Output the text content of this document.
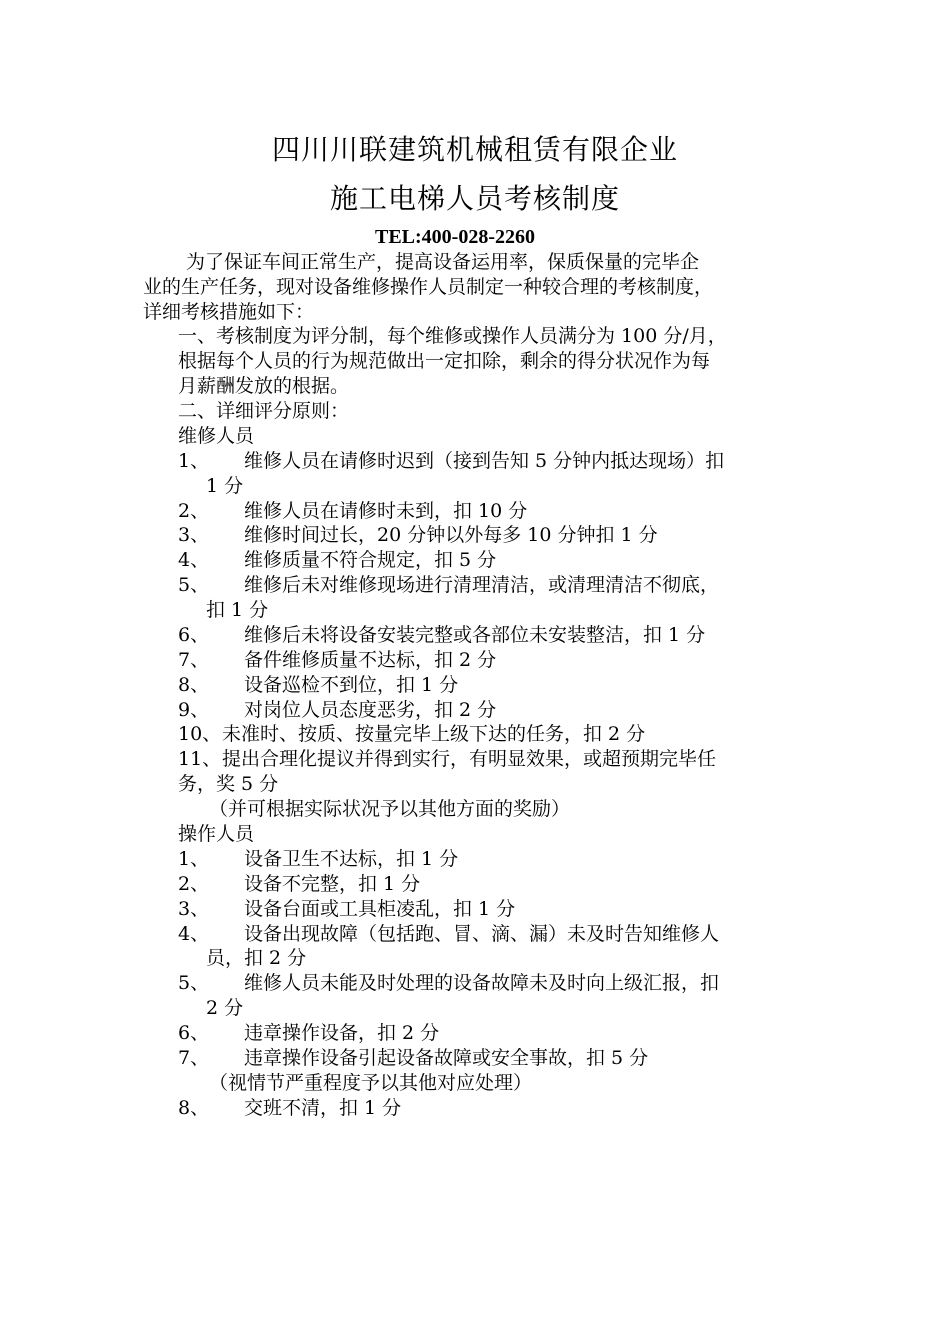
四川川联建筑机械租赁有限企业
施工电梯人员考核制度
TEL:400-028-2260
为了保证车间正常生产，提高设备运用率，保质保量的完毕企
业的生产任务，现对设备维修操作人员制定一种较合理的考核制度，
详细考核措施如下：
一、考核制度为评分制，每个维修或操作人员满分为 100 分/月，
根据每个人员的行为规范做出一定扣除，剩余的得分状况作为每
月薪酬发放的根据。
二、详细评分原则：
维修人员
1、 维修人员在请修时迟到（接到告知 5 分钟内抵达现场）扣
1 分
2、 维修人员在请修时未到，扣 10 分
3、 维修时间过长，20 分钟以外每多 10 分钟扣 1 分
4、 维修质量不符合规定，扣 5 分
5、 维修后未对维修现场进行清理清洁，或清理清洁不彻底，
扣 1 分
6、 维修后未将设备安装完整或各部位未安装整洁，扣 1 分
7、 备件维修质量不达标，扣 2 分
8、 设备巡检不到位，扣 1 分
9、 对岗位人员态度恶劣，扣 2 分
10、 未准时、按质、按量完毕上级下达的任务，扣 2 分
11、 提出合理化提议并得到实行，有明显效果，或超预期完毕任
务，奖 5 分
（并可根据实际状况予以其他方面的奖励）
操作人员
1、 设备卫生不达标，扣 1 分
2、 设备不完整，扣 1 分
3、 设备台面或工具柜凌乱，扣 1 分
4、 设备出现故障（包括跑、冒、滴、漏）未及时告知维修人
员，扣 2 分
5、 维修人员未能及时处理的设备故障未及时向上级汇报，扣
2 分
6、 违章操作设备，扣 2 分
7、 违章操作设备引起设备故障或安全事故，扣 5 分
（视情节严重程度予以其他对应处理）
8、 交班不清，扣 1 分
